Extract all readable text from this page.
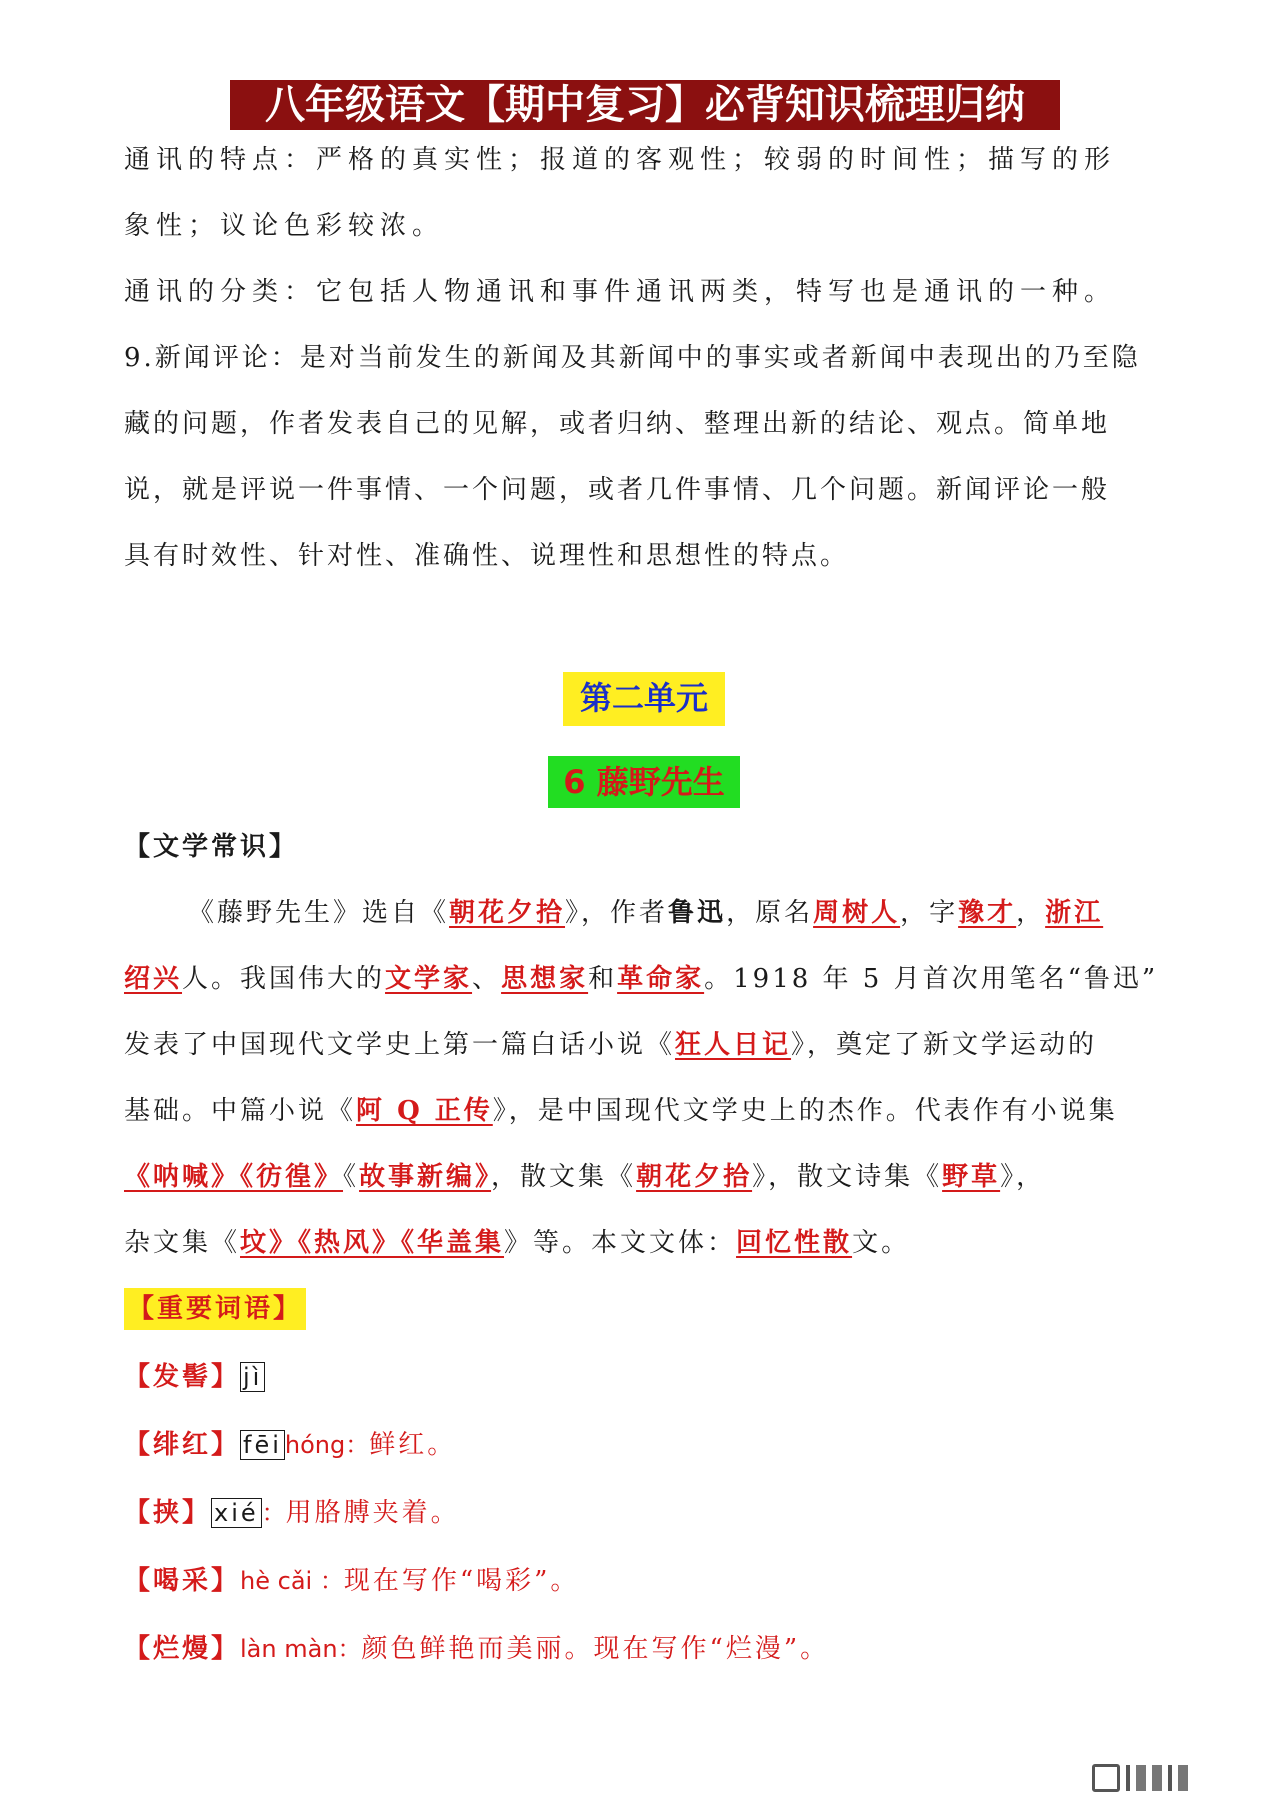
八年级语文【期中复习】必背知识梳理归纳
通讯的特点：严格的真实性；报道的客观性；较弱的时间性；描写的形
象性；议论色彩较浓。
通讯的分类：它包括人物通讯和事件通讯两类，特写也是通讯的一种。
9.新闻评论：是对当前发生的新闻及其新闻中的事实或者新闻中表现出的乃至隐
藏的问题，作者发表自己的见解，或者归纳、整理出新的结论、观点。简单地
说，就是评说一件事情、一个问题，或者几件事情、几个问题。新闻评论一般
具有时效性、针对性、准确性、说理性和思想性的特点。
第二单元
6 藤野先生
【文学常识】
《藤野先生》选自《朝花夕拾》，作者鲁迅，原名周树人，字豫才，浙江
绍兴人。我国伟大的文学家、思想家和革命家。1918 年 5 月首次用笔名“鲁迅”
发表了中国现代文学史上第一篇白话小说《狂人日记》，奠定了新文学运动的
基础。中篇小说《阿 Q 正传》，是中国现代文学史上的杰作。代表作有小说集
《呐喊》《彷徨》《故事新编》，散文集《朝花夕拾》，散文诗集《野草》，
杂文集《坟》《热风》《华盖集》等。本文文体：回忆性散文。
【重要词语】
【发髻】 jì
【绯红】 fēi hóng：鲜红。
【挟】 xié ：用胳膊夹着。
【喝采】hè cǎi ：现在写作“喝彩”。
【烂熳】làn màn：颜色鲜艳而美丽。现在写作“烂漫”。
